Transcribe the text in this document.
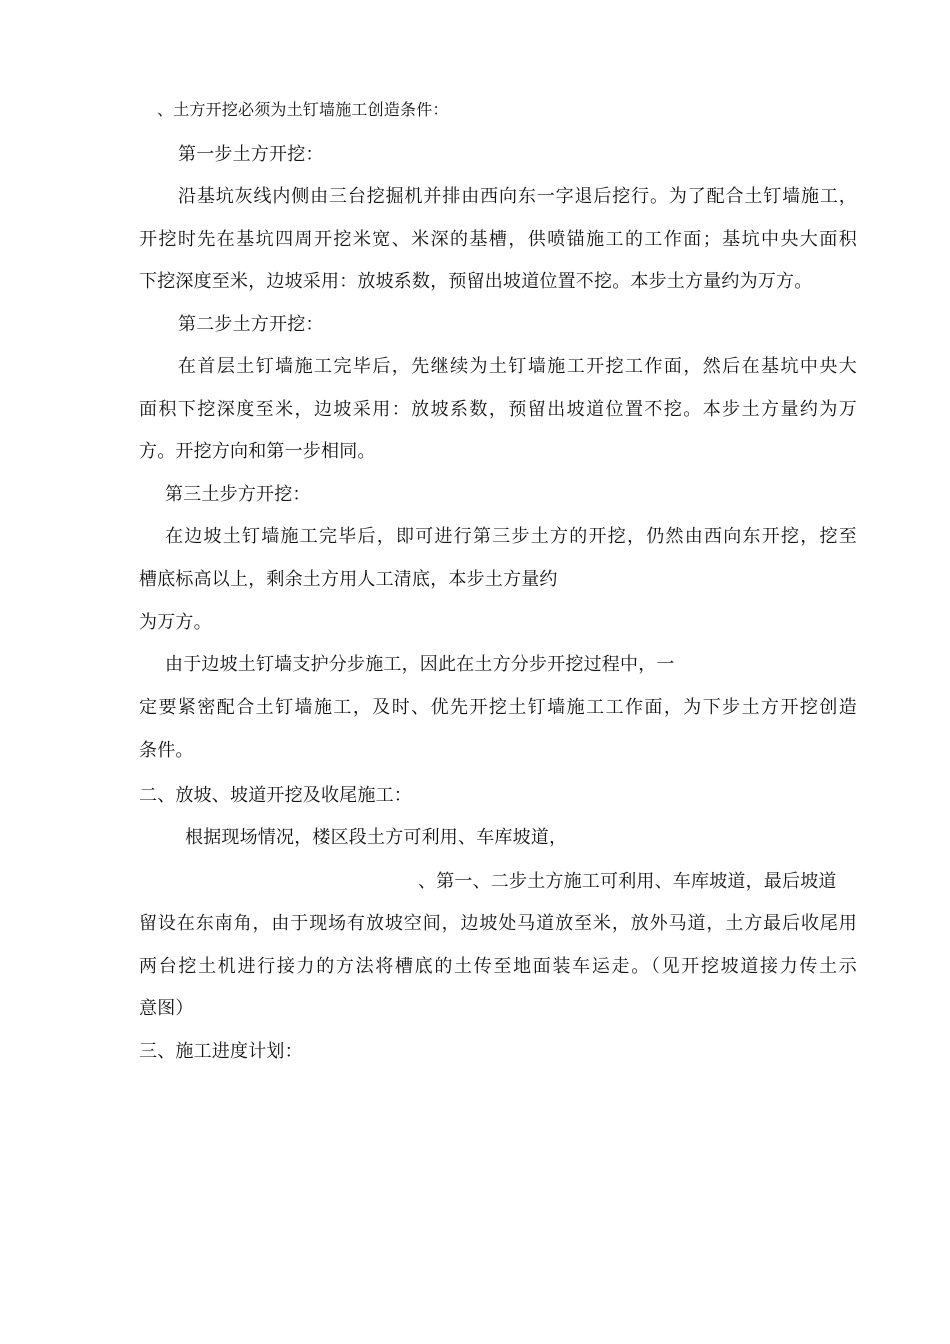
、土方开挖必须为土钉墙施工创造条件：
第一步土方开挖：
沿基坑灰线内侧由三台挖掘机并排由西向东一字退后挖行。为了配合土钉墙施工，
开挖时先在基坑四周开挖米宽、米深的基槽，供喷锚施工的工作面；基坑中央大面积
下挖深度至米，边坡采用：放坡系数，预留出坡道位置不挖。本步土方量约为万方。
第二步土方开挖：
在首层土钉墙施工完毕后，先继续为土钉墙施工开挖工作面，然后在基坑中央大
面积下挖深度至米，边坡采用：放坡系数，预留出坡道位置不挖。本步土方量约为万
方。开挖方向和第一步相同。
第三土步方开挖：
在边坡土钉墙施工完毕后，即可进行第三步土方的开挖，仍然由西向东开挖，挖至
槽底标高以上，剩余土方用人工清底，本步土方量约
为万方。
由于边坡土钉墙支护分步施工，因此在土方分步开挖过程中，一
定要紧密配合土钉墙施工，及时、优先开挖土钉墙施工工作面，为下步土方开挖创造
条件。
二、放坡、坡道开挖及收尾施工：
根据现场情况，楼区段土方可利用、车库坡道，
、第一、二步土方施工可利用、车库坡道，最后坡道
留设在东南角，由于现场有放坡空间，边坡处马道放至米，放外马道，土方最后收尾用
两台挖土机进行接力的方法将槽底的土传至地面装车运走。（见开挖坡道接力传土示
意图）
三、施工进度计划：
